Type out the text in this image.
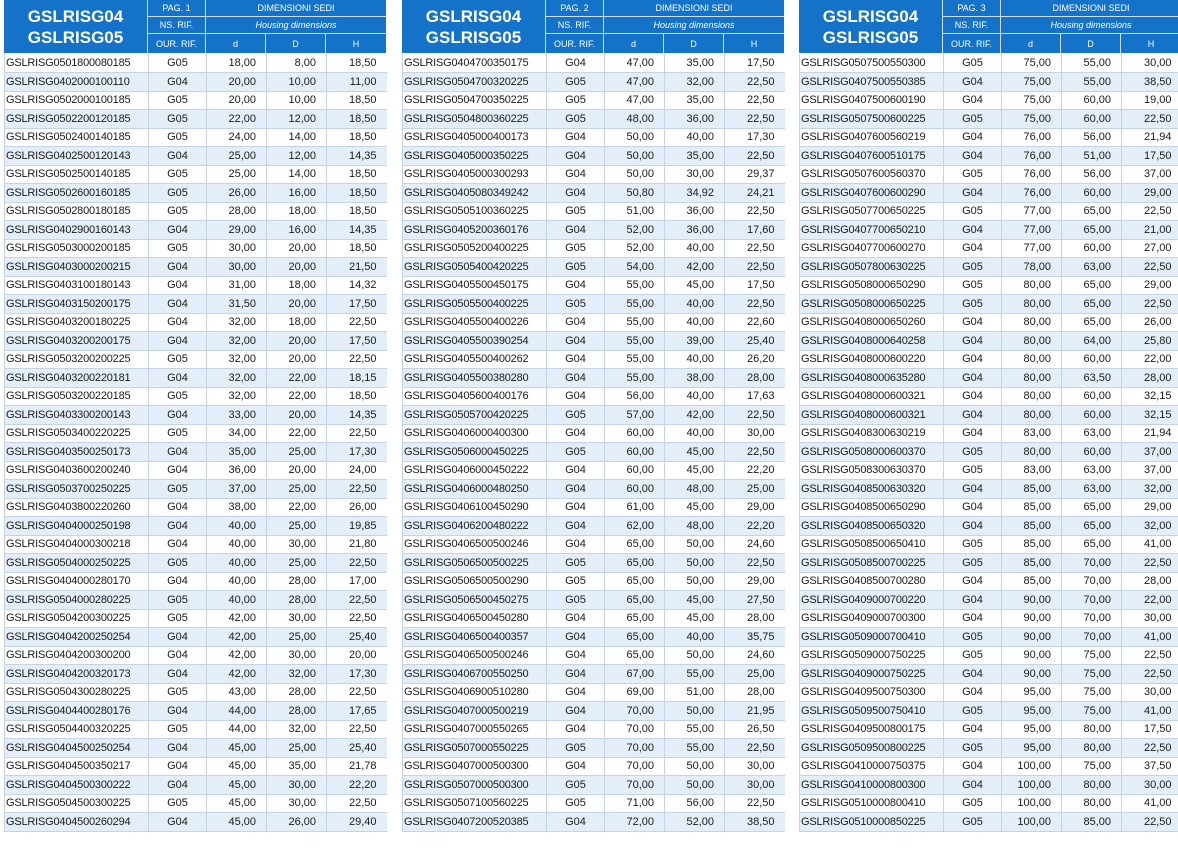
GSLRISG04
GSLRISG05
PAG. 1
NS. RIF.
OUR. RIF.
DIMENSIONI SEDI
Housing dimensions
d	D	H
GSLRISG0501800080185	G05	18,00	8,00	18,50
GSLRISG0402000100110	G04	20,00	10,00	11,00
GSLRISG0502000100185	G05	20,00	10,00	18,50
GSLRISG0502200120185	G05	22,00	12,00	18,50
GSLRISG0502400140185	G05	24,00	14,00	18,50
GSLRISG0402500120143	G04	25,00	12,00	14,35
GSLRISG0502500140185	G05	25,00	14,00	18,50
GSLRISG0502600160185	G05	26,00	16,00	18,50
GSLRISG0502800180185	G05	28,00	18,00	18,50
GSLRISG0402900160143	G04	29,00	16,00	14,35
GSLRISG0503000200185	G05	30,00	20,00	18,50
GSLRISG0403000200215	G04	30,00	20,00	21,50
GSLRISG0403100180143	G04	31,00	18,00	14,32
GSLRISG0403150200175	G04	31,50	20,00	17,50
GSLRISG0403200180225	G04	32,00	18,00	22,50
GSLRISG0403200200175	G04	32,00	20,00	17,50
GSLRISG0503200200225	G05	32,00	20,00	22,50
GSLRISG0403200220181	G04	32,00	22,00	18,15
GSLRISG0503200220185	G05	32,00	22,00	18,50
GSLRISG0403300200143	G04	33,00	20,00	14,35
GSLRISG0503400220225	G05	34,00	22,00	22,50
GSLRISG0403500250173	G04	35,00	25,00	17,30
GSLRISG0403600200240	G04	36,00	20,00	24,00
GSLRISG0503700250225	G05	37,00	25,00	22,50
GSLRISG0403800220260	G04	38,00	22,00	26,00
GSLRISG0404000250198	G04	40,00	25,00	19,85
GSLRISG0404000300218	G04	40,00	30,00	21,80
GSLRISG0504000250225	G05	40,00	25,00	22,50
GSLRISG0404000280170	G04	40,00	28,00	17,00
GSLRISG0504000280225	G05	40,00	28,00	22,50
GSLRISG0504200300225	G05	42,00	30,00	22,50
GSLRISG0404200250254	G04	42,00	25,00	25,40
GSLRISG0404200300200	G04	42,00	30,00	20,00
GSLRISG0404200320173	G04	42,00	32,00	17,30
GSLRISG0504300280225	G05	43,00	28,00	22,50
GSLRISG0404400280176	G04	44,00	28,00	17,65
GSLRISG0504400320225	G05	44,00	32,00	22,50
GSLRISG0404500250254	G04	45,00	25,00	25,40
GSLRISG0404500350217	G04	45,00	35,00	21,78
GSLRISG0404500300222	G04	45,00	30,00	22,20
GSLRISG0504500300225	G05	45,00	30,00	22,50
GSLRISG0404500260294	G04	45,00	26,00	29,40
GSLRISG04
GSLRISG05
PAG. 2
NS. RIF.
OUR. RIF.
DIMENSIONI SEDI
Housing dimensions
d	D	H
GSLRISG0404700350175	G04	47,00	35,00	17,50
GSLRISG0504700320225	G05	47,00	32,00	22,50
GSLRISG0504700350225	G05	47,00	35,00	22,50
GSLRISG0504800360225	G05	48,00	36,00	22,50
GSLRISG0405000400173	G04	50,00	40,00	17,30
GSLRISG0405000350225	G04	50,00	35,00	22,50
GSLRISG0405000300293	G04	50,00	30,00	29,37
GSLRISG0405080349242	G04	50,80	34,92	24,21
GSLRISG0505100360225	G05	51,00	36,00	22,50
GSLRISG0405200360176	G04	52,00	36,00	17,60
GSLRISG0505200400225	G05	52,00	40,00	22,50
GSLRISG0505400420225	G05	54,00	42,00	22,50
GSLRISG0405500450175	G04	55,00	45,00	17,50
GSLRISG0505500400225	G05	55,00	40,00	22,50
GSLRISG0405500400226	G04	55,00	40,00	22,60
GSLRISG0405500390254	G04	55,00	39,00	25,40
GSLRISG0405500400262	G04	55,00	40,00	26,20
GSLRISG0405500380280	G04	55,00	38,00	28,00
GSLRISG0405600400176	G04	56,00	40,00	17,63
GSLRISG0505700420225	G05	57,00	42,00	22,50
GSLRISG0406000400300	G04	60,00	40,00	30,00
GSLRISG0506000450225	G05	60,00	45,00	22,50
GSLRISG0406000450222	G04	60,00	45,00	22,20
GSLRISG0406000480250	G04	60,00	48,00	25,00
GSLRISG0406100450290	G04	61,00	45,00	29,00
GSLRISG0406200480222	G04	62,00	48,00	22,20
GSLRISG0406500500246	G04	65,00	50,00	24,60
GSLRISG0506500500225	G05	65,00	50,00	22,50
GSLRISG0506500500290	G05	65,00	50,00	29,00
GSLRISG0506500450275	G05	65,00	45,00	27,50
GSLRISG0406500450280	G04	65,00	45,00	28,00
GSLRISG0406500400357	G04	65,00	40,00	35,75
GSLRISG0406500500246	G04	65,00	50,00	24,60
GSLRISG0406700550250	G04	67,00	55,00	25,00
GSLRISG0406900510280	G04	69,00	51,00	28,00
GSLRISG0407000500219	G04	70,00	50,00	21,95
GSLRISG0407000550265	G04	70,00	55,00	26,50
GSLRISG0507000550225	G05	70,00	55,00	22,50
GSLRISG0407000500300	G04	70,00	50,00	30,00
GSLRISG0507000500300	G05	70,00	50,00	30,00
GSLRISG0507100560225	G05	71,00	56,00	22,50
GSLRISG0407200520385	G04	72,00	52,00	38,50
GSLRISG04
GSLRISG05
PAG. 3
NS. RIF.
OUR. RIF.
DIMENSIONI SEDI
Housing dimensions
d	D	H
GSLRISG0507500550300	G05	75,00	55,00	30,00
GSLRISG0407500550385	G04	75,00	55,00	38,50
GSLRISG0407500600190	G04	75,00	60,00	19,00
GSLRISG0507500600225	G05	75,00	60,00	22,50
GSLRISG0407600560219	G04	76,00	56,00	21,94
GSLRISG0407600510175	G04	76,00	51,00	17,50
GSLRISG0507600560370	G05	76,00	56,00	37,00
GSLRISG0407600600290	G04	76,00	60,00	29,00
GSLRISG0507700650225	G05	77,00	65,00	22,50
GSLRISG0407700650210	G04	77,00	65,00	21,00
GSLRISG0407700600270	G04	77,00	60,00	27,00
GSLRISG0507800630225	G05	78,00	63,00	22,50
GSLRISG0508000650290	G05	80,00	65,00	29,00
GSLRISG0508000650225	G05	80,00	65,00	22,50
GSLRISG0408000650260	G04	80,00	65,00	26,00
GSLRISG0408000640258	G04	80,00	64,00	25,80
GSLRISG0408000600220	G04	80,00	60,00	22,00
GSLRISG0408000635280	G04	80,00	63,50	28,00
GSLRISG0408000600321	G04	80,00	60,00	32,15
GSLRISG0408000600321	G04	80,00	60,00	32,15
GSLRISG0408300630219	G04	83,00	63,00	21,94
GSLRISG0508000600370	G05	80,00	60,00	37,00
GSLRISG0508300630370	G05	83,00	63,00	37,00
GSLRISG0408500630320	G04	85,00	63,00	32,00
GSLRISG0408500650290	G04	85,00	65,00	29,00
GSLRISG0408500650320	G04	85,00	65,00	32,00
GSLRISG0508500650410	G05	85,00	65,00	41,00
GSLRISG0508500700225	G05	85,00	70,00	22,50
GSLRISG0408500700280	G04	85,00	70,00	28,00
GSLRISG0409000700220	G04	90,00	70,00	22,00
GSLRISG0409000700300	G04	90,00	70,00	30,00
GSLRISG0509000700410	G05	90,00	70,00	41,00
GSLRISG0509000750225	G05	90,00	75,00	22,50
GSLRISG0409000750225	G04	90,00	75,00	22,50
GSLRISG0409500750300	G04	95,00	75,00	30,00
GSLRISG0509500750410	G05	95,00	75,00	41,00
GSLRISG0409500800175	G04	95,00	80,00	17,50
GSLRISG0509500800225	G05	95,00	80,00	22,50
GSLRISG0410000750375	G04	100,00	75,00	37,50
GSLRISG0410000800300	G04	100,00	80,00	30,00
GSLRISG0510000800410	G05	100,00	80,00	41,00
GSLRISG0510000850225	G05	100,00	85,00	22,50
